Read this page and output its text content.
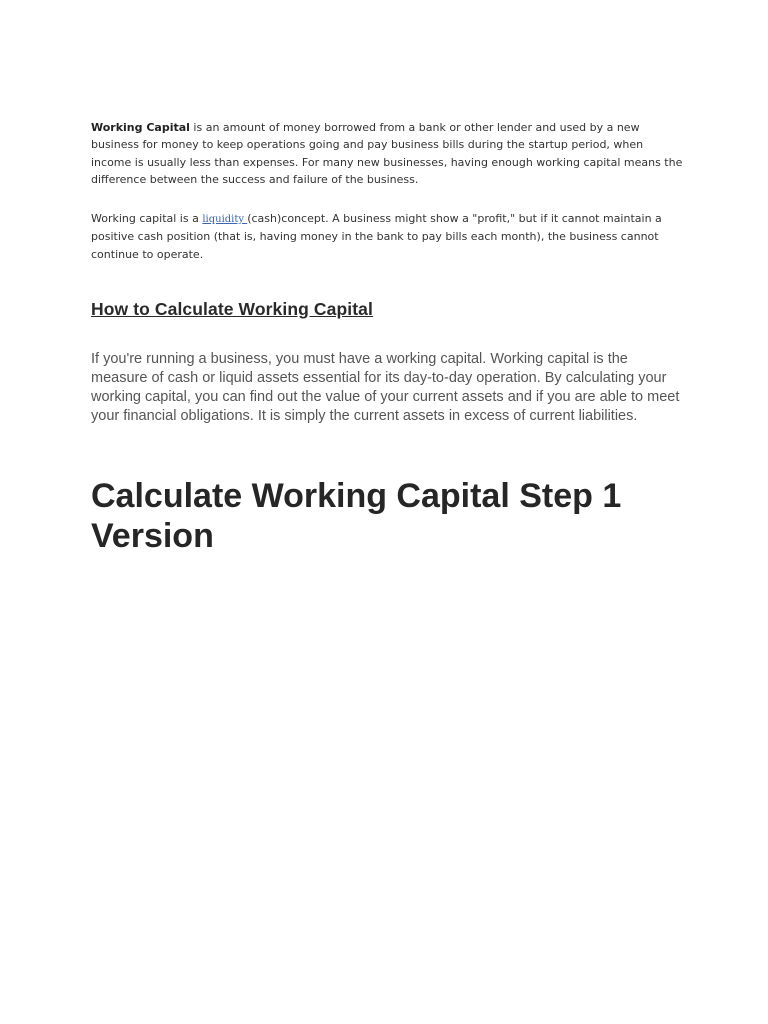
Working Capital is an amount of money borrowed from a bank or other lender and used by a new business for money to keep operations going and pay business bills during the startup period, when income is usually less than expenses. For many new businesses, having enough working capital means the difference between the success and failure of the business.

Working capital is a liquidity (cash)concept. A business might show a "profit," but if it cannot maintain a positive cash position (that is, having money in the bank to pay bills each month), the business cannot continue to operate.

How to Calculate Working Capital

If you're running a business, you must have a working capital. Working capital is the measure of cash or liquid assets essential for its day-to-day operation. By calculating your working capital, you can find out the value of your current assets and if you are able to meet your financial obligations. It is simply the current assets in excess of current liabilities.

Calculate Working Capital Step 1 Version
